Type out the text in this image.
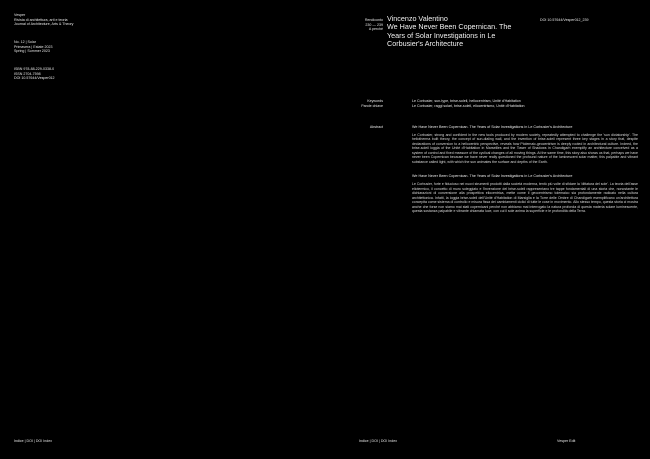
Vesper
Rivista di architettura, arti e teoria
Journal of Architecture, Arts & Theory
No. 12 | Solar
Primavera | Estate 2023
Spring | Summer 2023
ISBN 978-88-229-0338-0
ISSN 2704-7598
DOI 10.57644/Vesper012
Indice | DOI | DOI Index
Rendiconto
230 — 239
A perché
Vincenzo Valentino
We Have Never Been Copernican. The Years of Solar Investigations in Le Corbusier's Architecture
DOI 10.57644/Vesper012_239
Keywords
Parole chiave
Le Corbusier, sun-type, brise-soleil, heliocentrism, Unité d'Habitation
Le Corbusier, raggi solari, brise-soleil, eliocentrismo, Unité d'Habitation
Abstract	We Have Never Been Copernican. The Years of Solar Investigations in Le Corbusier's Architecture
Le Corbusier, strong and confident in the new tools produced by modern society, repeatedly attempted to challenge the 'sun dictatorship'. The heliotherma built theory, the concept of sun-dialing wall, and the invention of brise-soleil represent three key stages in a story that, despite declarations of conversion to a heliocentric perspective, reveals how Ptolemaic-geocentrism is deeply rooted in architectural culture. Indeed, the brise-soleil loggia of the Unité d'Habitation in Marseilles and the Tower of Shadows in Chandigarh exemplify an architecture conceived as a system of control and fixed measure of the cyclical changes of all moving things. At the same time, this story also shows us that, perhaps we have never been Copernican because we have never really questioned the profound nature of the luminescent solar matter, this palpable and vibrant substance called light, with which the sun animates the surface and depths of the Earth.
We Have Never Been Copernican. The Years of Solar Investigations in Le Corbusier's Architecture
Le Corbusier, forte e fiducioso nei nuovi strumenti prodotti dalla società moderna, tentò più volte di sfidare la 'dittatura del sole'. La teoria dell'asse eliotermico, il concetto di muro soleggiato e l'invenzione del brise-soleil rappresentano tre tappe fondamentali di una storia che, nonostante le dichiarazioni di conversione alla prospettiva eliocentrica, mette come il geocentrismo tolemaico sia profondamente radicato nella cultura architettonica. Infatti, la loggia brise-soleil dell'Unité d'Habitation di Marsiglia e la Torre delle Ombre di Chandigarh esemplificano un'architettura concepita come sistema di controllo e misura fissa dei cambiamenti ciclici di tutte le cose in movimento. Allo stesso tempo, questa storia ci mostra anche che forse non siamo mai stati copernicani perché non abbiamo mai interrogato la natura profonda di questa materia solare luminescente, questa sostanza palpabile e vibrante chiamata luce, con cui il sole anima la superficie e le profondità della Terra.
Indice | DOI | DOI Index	Vesper Edit
